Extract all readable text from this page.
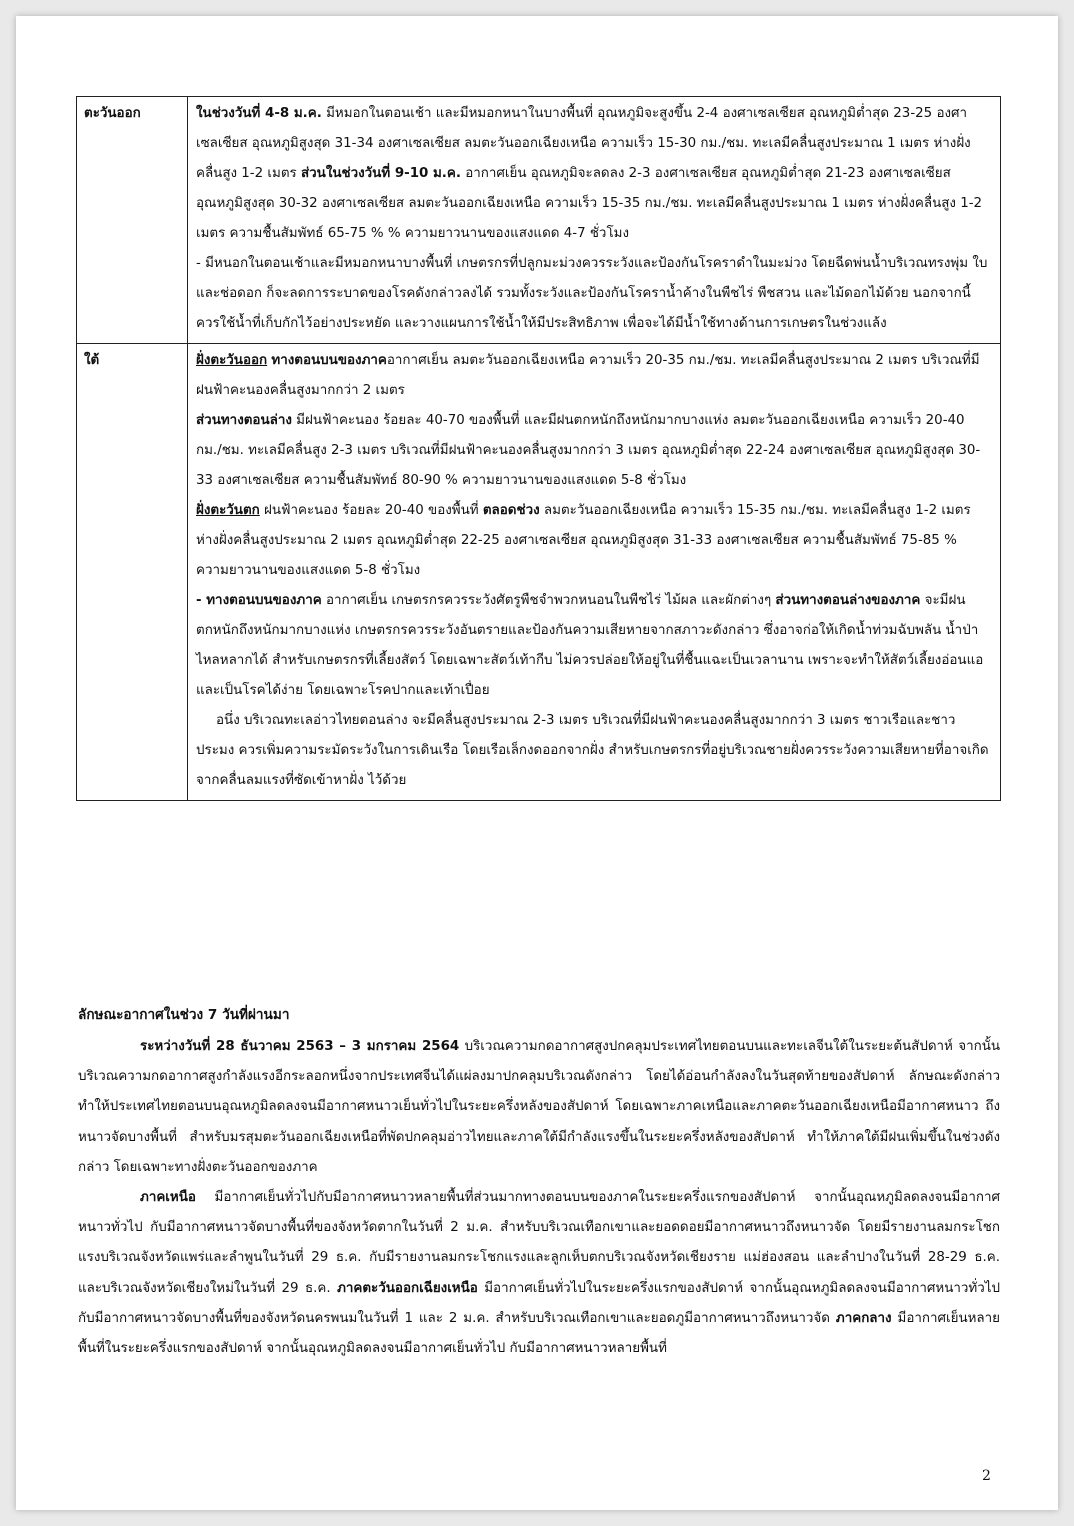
ตะวันออก	ในช่วงวันที่ 4-8 ม.ค. มีหมอกในตอนเช้า และมีหมอกหนาในบางพื้นที่ อุณหภูมิจะสูงขึ้น 2-4 องศาเซลเซียส อุณหภูมิต่ำสุด 23-25 องศาเซลเซียส อุณหภูมิสูงสุด 31-34 องศาเซลเซียส ลมตะวันออกเฉียงเหนือ ความเร็ว 15-30 กม./ชม. ทะเลมีคลื่นสูงประมาณ 1 เมตร ห่างฝั่งคลื่นสูง 1-2 เมตร ส่วนในช่วงวันที่ 9-10 ม.ค. อากาศเย็น อุณหภูมิจะลดลง 2-3 องศาเซลเซียส อุณหภูมิต่ำสุด 21-23 องศาเซลเซียส อุณหภูมิสูงสุด 30-32 องศาเซลเซียส ลมตะวันออกเฉียงเหนือ ความเร็ว 15-35 กม./ชม. ทะเลมีคลื่นสูงประมาณ 1 เมตร ห่างฝั่งคลื่นสูง 1-2 เมตร ความชื้นสัมพัทธ์ 65-75 % % ความยาวนานของแสงแดด 4-7 ชั่วโมง
- มีหนอกในตอนเช้าและมีหมอกหนาบางพื้นที่ เกษตรกรที่ปลูกมะม่วงควรระวังและป้องกันโรคราดำในมะม่วง โดยฉีดพ่นน้ำบริเวณทรงพุ่ม ใบ และช่อดอก ก็จะลดการระบาดของโรคดังกล่าวลงได้ รวมทั้งระวังและป้องกันโรคราน้ำค้างในพืชไร่ พืชสวน และไม้ดอกไม้ด้วย นอกจากนี้ควรใช้น้ำที่เก็บกักไว้อย่างประหยัด และวางแผนการใช้น้ำให้มีประสิทธิภาพ เพื่อจะได้มีน้ำใช้ทางด้านการเกษตรในช่วงแล้ง

ใต้	ฝั่งตะวันออก ทางตอนบนของภาคอากาศเย็น ลมตะวันออกเฉียงเหนือ ความเร็ว 20-35 กม./ชม. ทะเลมีคลื่นสูงประมาณ 2 เมตร บริเวณที่มีฝนฟ้าคะนองคลื่นสูงมากกว่า 2 เมตร
ส่วนทางตอนล่าง มีฝนฟ้าคะนอง ร้อยละ 40-70 ของพื้นที่ และมีฝนตกหนักถึงหนักมากบางแห่ง ลมตะวันออกเฉียงเหนือ ความเร็ว 20-40 กม./ชม. ทะเลมีคลื่นสูง 2-3 เมตร บริเวณที่มีฝนฟ้าคะนองคลื่นสูงมากกว่า 3 เมตร อุณหภูมิต่ำสุด 22-24 องศาเซลเซียส อุณหภูมิสูงสุด 30-33 องศาเซลเซียส ความชื้นสัมพัทธ์ 80-90 % ความยาวนานของแสงแดด 5-8 ชั่วโมง
ฝั่งตะวันตก ฝนฟ้าคะนอง ร้อยละ 20-40 ของพื้นที่ ตลอดช่วง ลมตะวันออกเฉียงเหนือ ความเร็ว 15-35 กม./ชม. ทะเลมีคลื่นสูง 1-2 เมตร ห่างฝั่งคลื่นสูงประมาณ 2 เมตร อุณหภูมิต่ำสุด 22-25 องศาเซลเซียส อุณหภูมิสูงสุด 31-33 องศาเซลเซียส ความชื้นสัมพัทธ์ 75-85 % ความยาวนานของแสงแดด 5-8 ชั่วโมง
- ทางตอนบนของภาค อากาศเย็น เกษตรกรควรระวังศัตรูพืชจำพวกหนอนในพืชไร่ ไม้ผล และผักต่างๆ ส่วนทางตอนล่างของภาค จะมีฝนตกหนักถึงหนักมากบางแห่ง เกษตรกรควรระวังอันตรายและป้องกันความเสียหายจากสภาวะดังกล่าว ซึ่งอาจก่อให้เกิดน้ำท่วมฉับพลัน น้ำป่าไหลหลากได้ สำหรับเกษตรกรที่เลี้ยงสัตว์ โดยเฉพาะสัตว์เท้ากีบ ไม่ควรปล่อยให้อยู่ในที่ชื้นแฉะเป็นเวลานาน เพราะจะทำให้สัตว์เลี้ยงอ่อนแอและเป็นโรคได้ง่าย โดยเฉพาะโรคปากและเท้าเปื่อย
อนึ่ง บริเวณทะเลอ่าวไทยตอนล่าง จะมีคลื่นสูงประมาณ 2-3 เมตร บริเวณที่มีฝนฟ้าคะนองคลื่นสูงมากกว่า 3 เมตร ชาวเรือและชาวประมง ควรเพิ่มความระมัดระวังในการเดินเรือ โดยเรือเล็กงดออกจากฝั่ง สำหรับเกษตรกรที่อยู่บริเวณชายฝั่งควรระวังความเสียหายที่อาจเกิดจากคลื่นลมแรงที่ซัดเข้าหาฝั่ง ไว้ด้วย
ลักษณะอากาศในช่วง 7 วันที่ผ่านมา

ระหว่างวันที่ 28 ธันวาคม 2563 – 3 มกราคม 2564 บริเวณความกดอากาศสูงปกคลุมประเทศไทยตอนบนและทะเลจีนใต้ในระยะต้นสัปดาห์ จากนั้นบริเวณความกดอากาศสูงกำลังแรงอีกระลอกหนึ่งจากประเทศจีนได้แผ่ลงมาปกคลุมบริเวณดังกล่าว โดยได้อ่อนกำลังลงในวันสุดท้ายของสัปดาห์ ลักษณะดังกล่าวทำให้ประเทศไทยตอนบนอุณหภูมิลดลงจนมีอากาศหนาวเย็นทั่วไปในระยะครึ่งหลังของสัปดาห์ โดยเฉพาะภาคเหนือและภาคตะวันออกเฉียงเหนือมีอากาศหนาว ถึงหนาวจัดบางพื้นที่ สำหรับมรสุมตะวันออกเฉียงเหนือที่พัดปกคลุมอ่าวไทยและภาคใต้มีกำลังแรงขึ้นในระยะครึ่งหลังของสัปดาห์ ทำให้ภาคใต้มีฝนเพิ่มขึ้นในช่วงดังกล่าว โดยเฉพาะทางฝั่งตะวันออกของภาค

ภาคเหนือ มีอากาศเย็นทั่วไปกับมีอากาศหนาวหลายพื้นที่ส่วนมากทางตอนบนของภาคในระยะครึ่งแรกของสัปดาห์ จากนั้นอุณหภูมิลดลงจนมีอากาศหนาวทั่วไป กับมีอากาศหนาวจัดบางพื้นที่ของจังหวัดตากในวันที่ 2 ม.ค. สำหรับบริเวณเทือกเขาและยอดดอยมีอากาศหนาวถึงหนาวจัด โดยมีรายงานลมกระโชกแรงบริเวณจังหวัดแพร่และลำพูนในวันที่ 29 ธ.ค. กับมีรายงานลมกระโชกแรงและลูกเห็บตกบริเวณจังหวัดเชียงราย แม่ฮ่องสอน และลำปางในวันที่ 28-29 ธ.ค. และบริเวณจังหวัดเชียงใหม่ในวันที่ 29 ธ.ค. ภาคตะวันออกเฉียงเหนือ มีอากาศเย็นทั่วไปในระยะครึ่งแรกของสัปดาห์ จากนั้นอุณหภูมิลดลงจนมีอากาศหนาวทั่วไป กับมีอากาศหนาวจัดบางพื้นที่ของจังหวัดนครพนมในวันที่ 1 และ 2 ม.ค. สำหรับบริเวณเทือกเขาและยอดภูมีอากาศหนาวถึงหนาวจัด ภาคกลาง มีอากาศเย็นหลายพื้นที่ในระยะครึ่งแรกของสัปดาห์ จากนั้นอุณหภูมิลดลงจนมีอากาศเย็นทั่วไป กับมีอากาศหนาวหลายพื้นที่

2
